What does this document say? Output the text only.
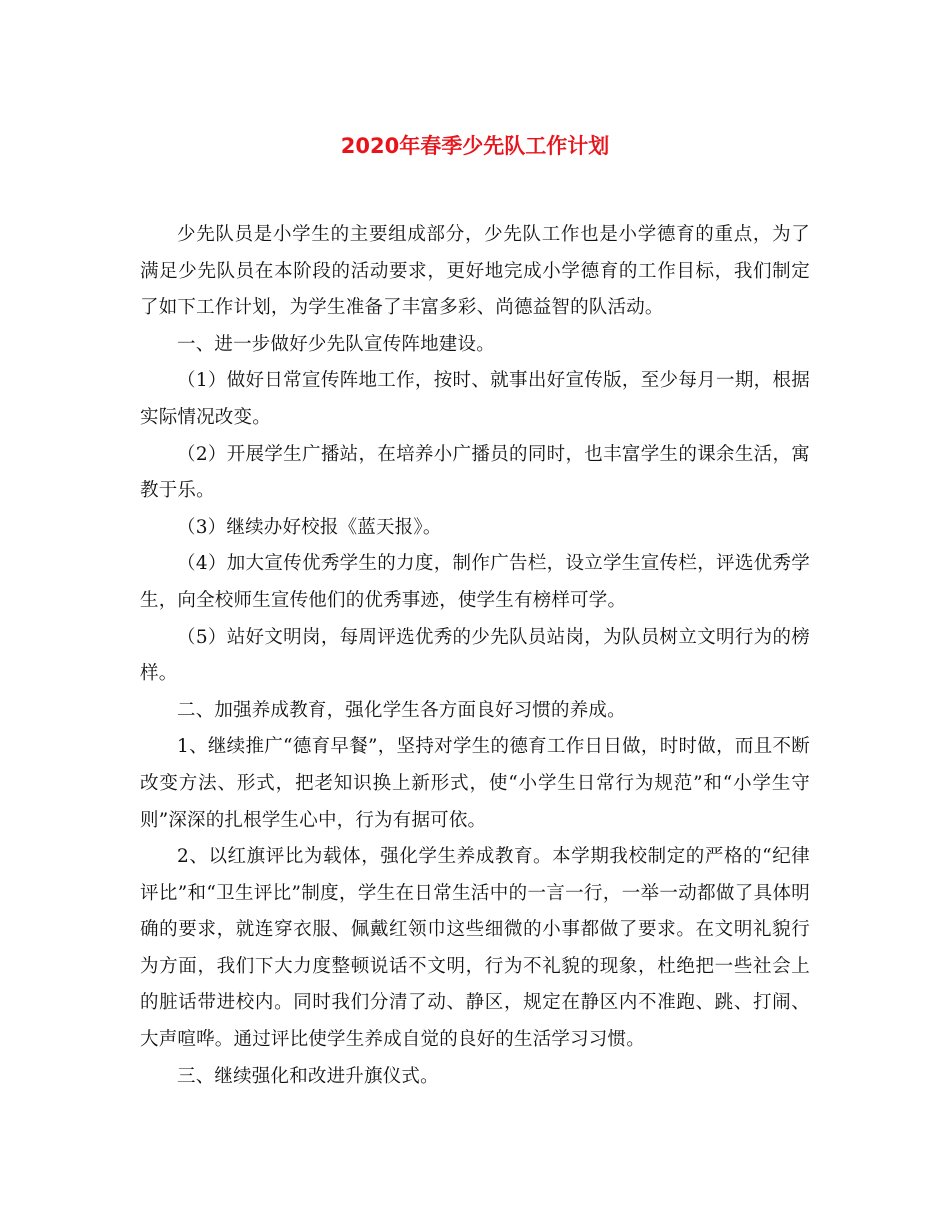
2020年春季少先队工作计划

少先队员是小学生的主要组成部分，少先队工作也是小学德育的重点，为了满足少先队员在本阶段的活动要求，更好地完成小学德育的工作目标，我们制定了如下工作计划，为学生准备了丰富多彩、尚德益智的队活动。

一、进一步做好少先队宣传阵地建设。

（1）做好日常宣传阵地工作，按时、就事出好宣传版，至少每月一期，根据实际情况改变。

（2）开展学生广播站，在培养小广播员的同时，也丰富学生的课余生活，寓教于乐。

（3）继续办好校报《蓝天报》。

（4）加大宣传优秀学生的力度，制作广告栏，设立学生宣传栏，评选优秀学生，向全校师生宣传他们的优秀事迹，使学生有榜样可学。

（5）站好文明岗，每周评选优秀的少先队员站岗，为队员树立文明行为的榜样。

二、加强养成教育，强化学生各方面良好习惯的养成。

1、继续推广“德育早餐”，坚持对学生的德育工作日日做，时时做，而且不断改变方法、形式，把老知识换上新形式，使“小学生日常行为规范”和“小学生守则”深深的扎根学生心中，行为有据可依。

2、以红旗评比为载体，强化学生养成教育。本学期我校制定的严格的“纪律评比”和“卫生评比”制度，学生在日常生活中的一言一行，一举一动都做了具体明确的要求，就连穿衣服、佩戴红领巾这些细微的小事都做了要求。在文明礼貌行为方面，我们下大力度整顿说话不文明，行为不礼貌的现象，杜绝把一些社会上的脏话带进校内。同时我们分清了动、静区，规定在静区内不准跑、跳、打闹、大声喧哗。通过评比使学生养成自觉的良好的生活学习习惯。

三、继续强化和改进升旗仪式。
